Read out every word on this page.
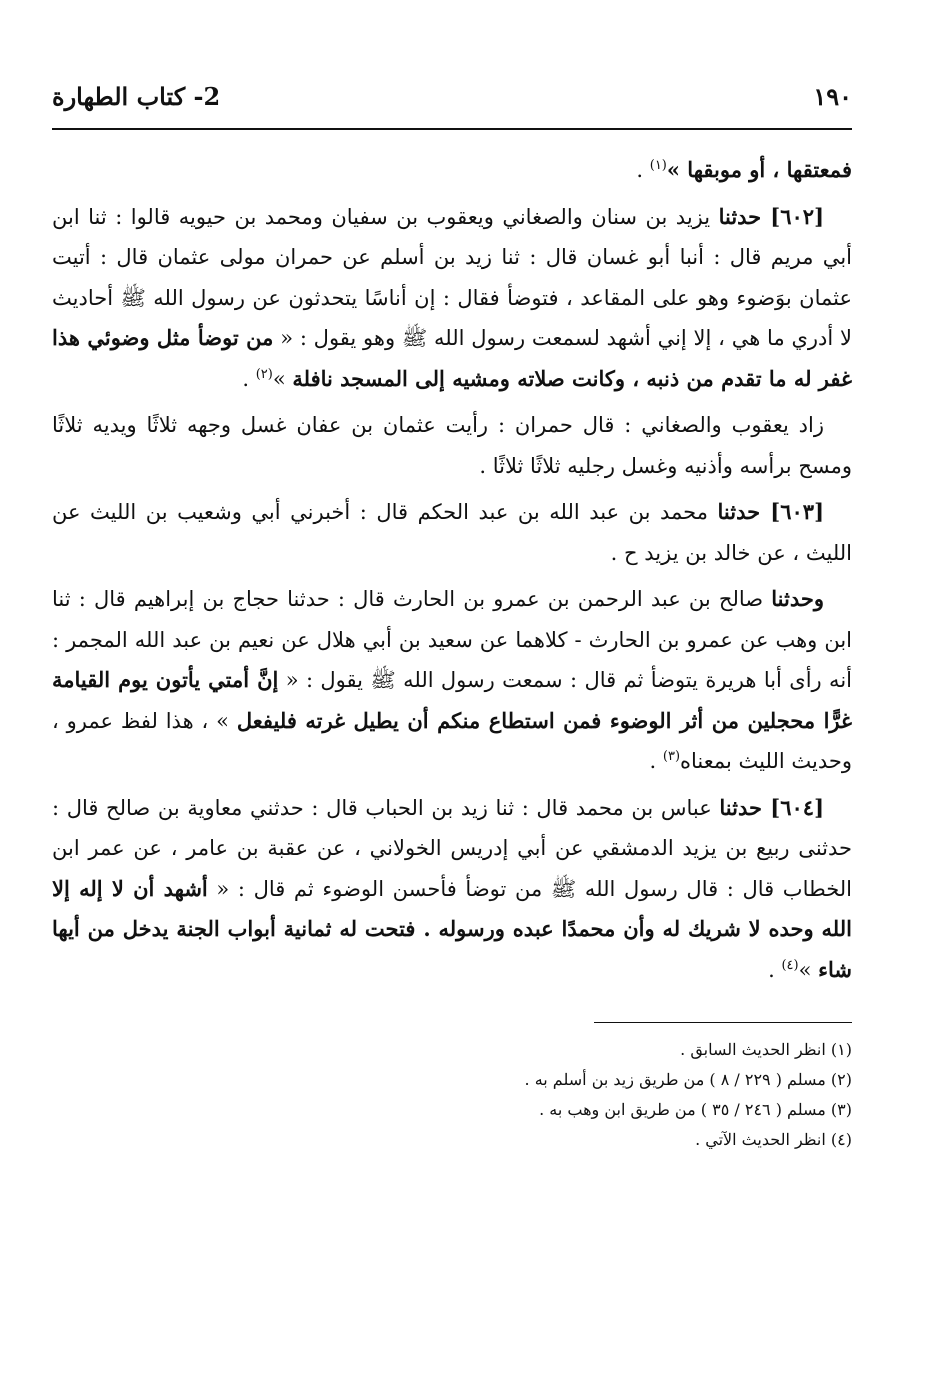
١٩٠
2- كتاب الطهارة

فمعتقها ، أو موبقها »$^{(١)}$ .

[٦٠٢] حدثنا يزيد بن سنان والصغاني ويعقوب بن سفيان ومحمد بن حيويه قالوا : ثنا ابن أبي مريم قال : أنبا أبو غسان قال : ثنا زيد بن أسلم عن حمران مولى عثمان قال : أتيت عثمان بوَضوء وهو على المقاعد ، فتوضأ فقال : إن أناسًا يتحدثون عن رسول الله ﷺ أحاديث لا أدري ما هي ، إلا إني أشهد لسمعت رسول الله ﷺ وهو يقول : « من توضأ مثل وضوئي هذا غفر له ما تقدم من ذنبه ، وكانت صلاته ومشيه إلى المسجد نافلة »$^{(٢)}$ .

زاد يعقوب والصغاني : قال حمران : رأيت عثمان بن عفان غسل وجهه ثلاثًا ويديه ثلاثًا ومسح برأسه وأذنيه وغسل رجليه ثلاثًا ثلاثًا .

[٦٠٣] حدثنا محمد بن عبد الله بن عبد الحكم قال : أخبرني أبي وشعيب بن الليث عن الليث ، عن خالد بن يزيد ح .

وحدثنا صالح بن عبد الرحمن بن عمرو بن الحارث قال : حدثنا حجاج بن إبراهيم قال : ثنا ابن وهب عن عمرو بن الحارث - كلاهما عن سعيد بن أبي هلال عن نعيم بن عبد الله المجمر : أنه رأى أبا هريرة يتوضأ ثم قال : سمعت رسول الله ﷺ يقول : « إنَّ أمتي يأتون يوم القيامة غرًّا محجلين من أثر الوضوء فمن استطاع منكم أن يطيل غرته فليفعل » ، هذا لفظ عمرو ، وحديث الليث بمعناه$^{(٣)}$ .

[٦٠٤] حدثنا عباس بن محمد قال : ثنا زيد بن الحباب قال : حدثني معاوية بن صالح قال : حدثنى ربيع بن يزيد الدمشقي عن أبي إدريس الخولاني ، عن عقبة بن عامر ، عن عمر ابن الخطاب قال : قال رسول الله ﷺ من توضأ فأحسن الوضوء ثم قال : « أشهد أن لا إله إلا الله وحده لا شريك له وأن محمدًا عبده ورسوله . فتحت له ثمانية أبواب الجنة يدخل من أيها شاء »$^{(٤)}$ .

(١) انظر الحديث السابق .

(٢) مسلم ( ٢٢٩ / ٨ ) من طريق زيد بن أسلم به .

(٣) مسلم ( ٢٤٦ / ٣٥ ) من طريق ابن وهب به .

(٤) انظر الحديث الآتي .
